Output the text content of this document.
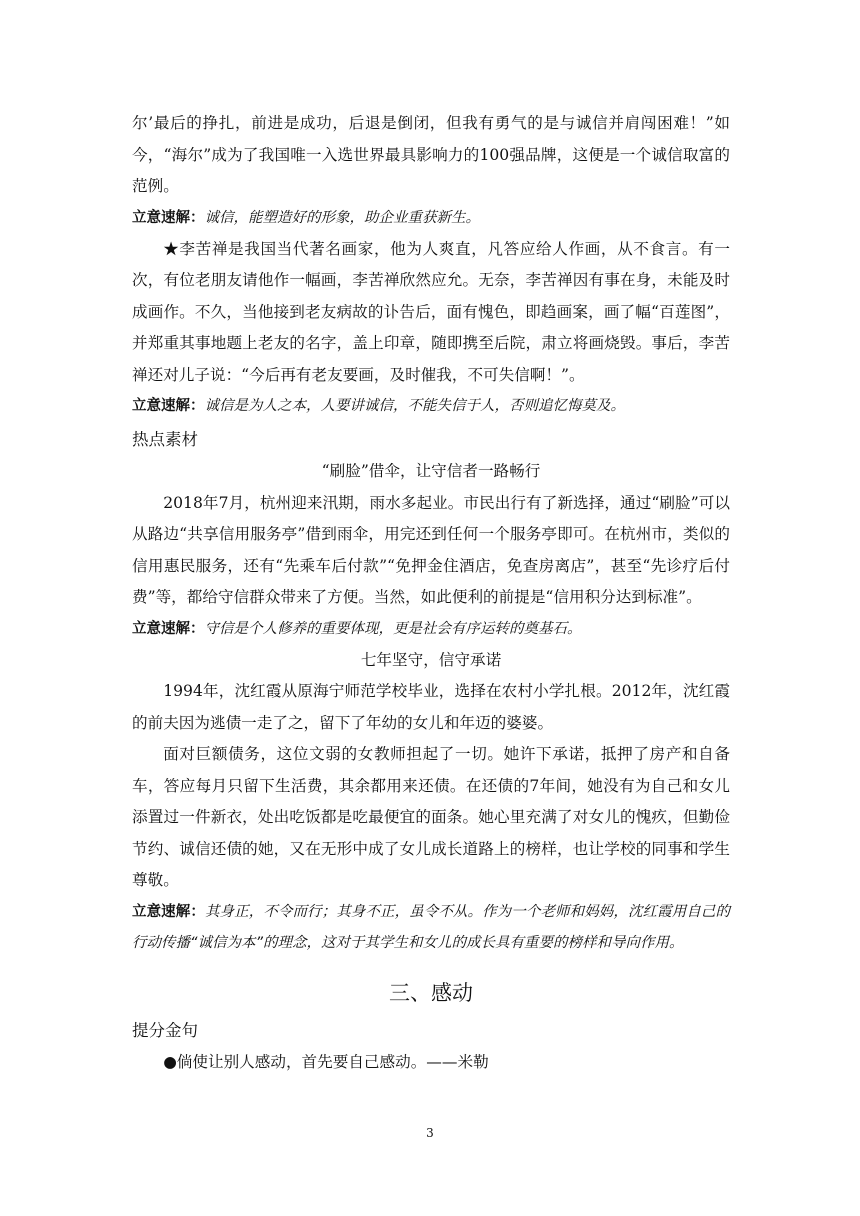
尔’最后的挣扎，前进是成功，后退是倒闭，但我有勇气的是与诚信并肩闯困难！”如今，“海尔”成为了我国唯一入选世界最具影响力的100强品牌，这便是一个诚信取富的范例。

立意速解：诚信，能塑造好的形象，助企业重获新生。

★李苦禅是我国当代著名画家，他为人爽直，凡答应给人作画，从不食言。有一次，有位老朋友请他作一幅画，李苦禅欣然应允。无奈，李苦禅因有事在身，未能及时成画作。不久，当他接到老友病故的讣告后，面有愧色，即趋画案，画了幅“百莲图”，并郑重其事地题上老友的名字，盖上印章，随即携至后院，肃立将画烧毁。事后，李苦禅还对儿子说：“今后再有老友要画，及时催我，不可失信啊！”。

立意速解：诚信是为人之本，人要讲诚信，不能失信于人，否则追忆悔莫及。

热点素材

“刷脸”借伞，让守信者一路畅行

2018年7月，杭州迎来汛期，雨水多起业。市民出行有了新选择，通过“刷脸”可以从路边“共享信用服务亭”借到雨伞，用完还到任何一个服务亭即可。在杭州市，类似的信用惠民服务，还有“先乘车后付款”“免押金住酒店，免查房离店”，甚至“先诊疗后付费”等，都给守信群众带来了方便。当然，如此便利的前提是“信用积分达到标准”。

立意速解：守信是个人修养的重要体现，更是社会有序运转的奠基石。

七年坚守，信守承诺

1994年，沈红霞从原海宁师范学校毕业，选择在农村小学扎根。2012年，沈红霞的前夫因为逃债一走了之，留下了年幼的女儿和年迈的婆婆。

面对巨额债务，这位文弱的女教师担起了一切。她许下承诺，抵押了房产和自备车，答应每月只留下生活费，其余都用来还债。在还债的7年间，她没有为自己和女儿添置过一件新衣，处出吃饭都是吃最便宜的面条。她心里充满了对女儿的愧疚，但勤俭节约、诚信还债的她，又在无形中成了女儿成长道路上的榜样，也让学校的同事和学生尊敬。

立意速解：其身正，不令而行；其身不正，虽令不从。作为一个老师和妈妈，沈红霞用自己的行动传播“诚信为本”的理念，这对于其学生和女儿的成长具有重要的榜样和导向作用。

三、感动
提分金句

●倘使让别人感动，首先要自己感动。——米勒

3
